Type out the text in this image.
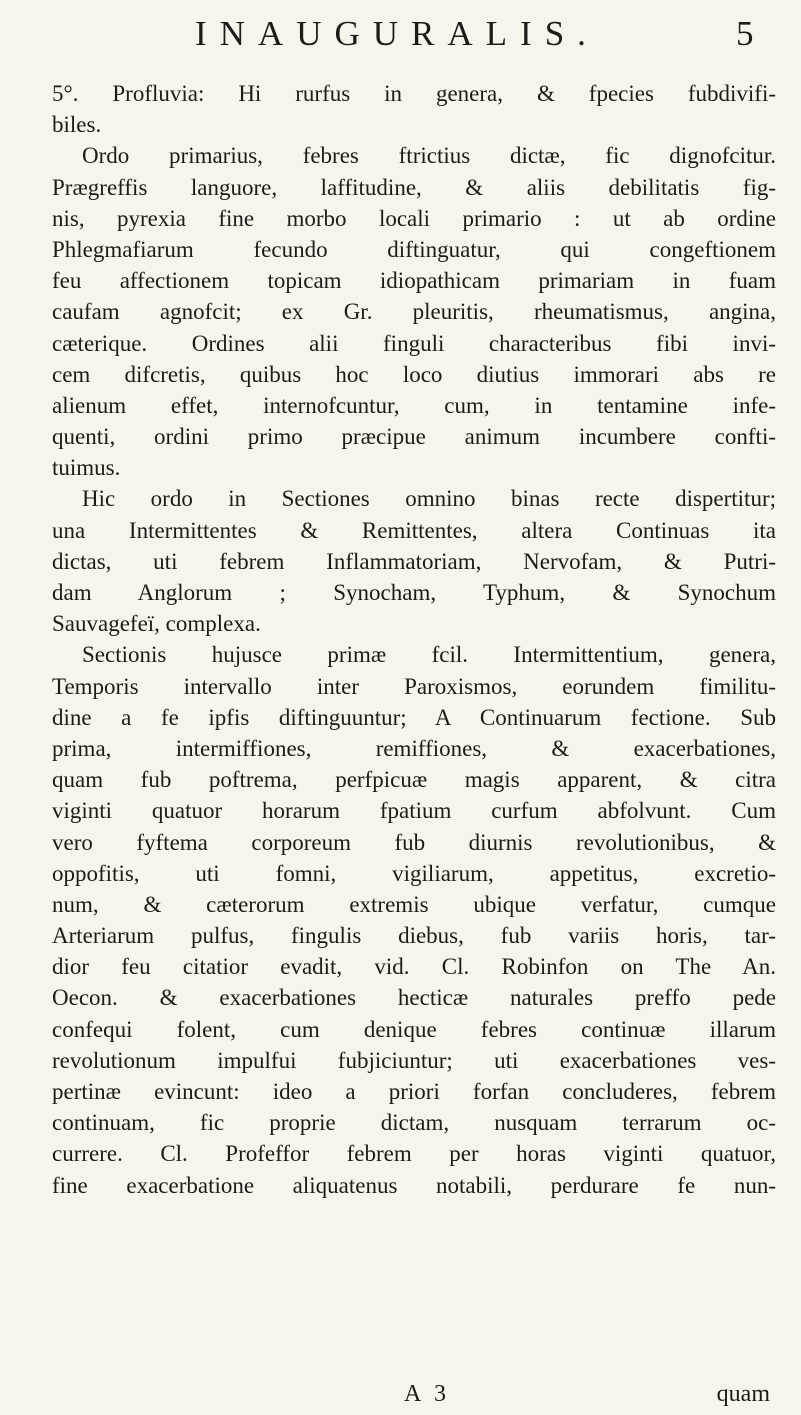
INAUGURALIS.	5
5°. Profluvia: Hi rurfus in genera, & fpecies fubdivifi-
biles.
Ordo primarius, febres ftrictius dictæ, fic dignofcitur.
Prægreffis languore, laffitudine, & aliis debilitatis fig-
nis, pyrexia fine morbo locali primario : ut ab ordine
Phlegmafiarum fecundo diftinguatur, qui congeftionem
feu affectionem topicam idiopathicam primariam in fuam
caufam agnofcit; ex Gr. pleuritis, rheumatismus, angina,
cæterique. Ordines alii finguli characteribus fibi invi-
cem difcretis, quibus hoc loco diutius immorari abs re
alienum effet, internofcuntur, cum, in tentamine infe-
quenti, ordini primo præcipue animum incumbere confti-
tuimus.
Hic ordo in Sectiones omnino binas recte dispertitur;
una Intermittentes & Remittentes, altera Continuas ita
dictas, uti febrem Inflammatoriam, Nervofam, & Putri-
dam Anglorum ; Synocham, Typhum, & Synochum
Sauvagefeï, complexa.
Sectionis hujusce primæ fcil. Intermittentium, genera,
Temporis intervallo inter Paroxismos, eorundem fimilitu-
dine a fe ipfis diftinguuntur; A Continuarum fectione. Sub
prima, intermiffiones, remiffiones, & exacerbationes,
quam fub poftrema, perfpicuæ magis apparent, & citra
viginti quatuor horarum fpatium curfum abfolvunt. Cum
vero fyftema corporeum fub diurnis revolutionibus, &
oppofitis, uti fomni, vigiliarum, appetitus, excretio-
num, & cæterorum extremis ubique verfatur, cumque
Arteriarum pulfus, fingulis diebus, fub variis horis, tar-
dior feu citatior evadit, vid. Cl. Robinfon on The An.
Oecon. & exacerbationes hecticæ naturales preffo pede
confequi folent, cum denique febres continuæ illarum
revolutionum impulfui fubjiciuntur; uti exacerbationes ves-
pertinæ evincunt: ideo a priori forfan concluderes, febrem
continuam, fic proprie dictam, nusquam terrarum oc-
currere. Cl. Profeffor febrem per horas viginti quatuor,
fine exacerbatione aliquatenus notabili, perdurare fe nun-
A 3	quam
